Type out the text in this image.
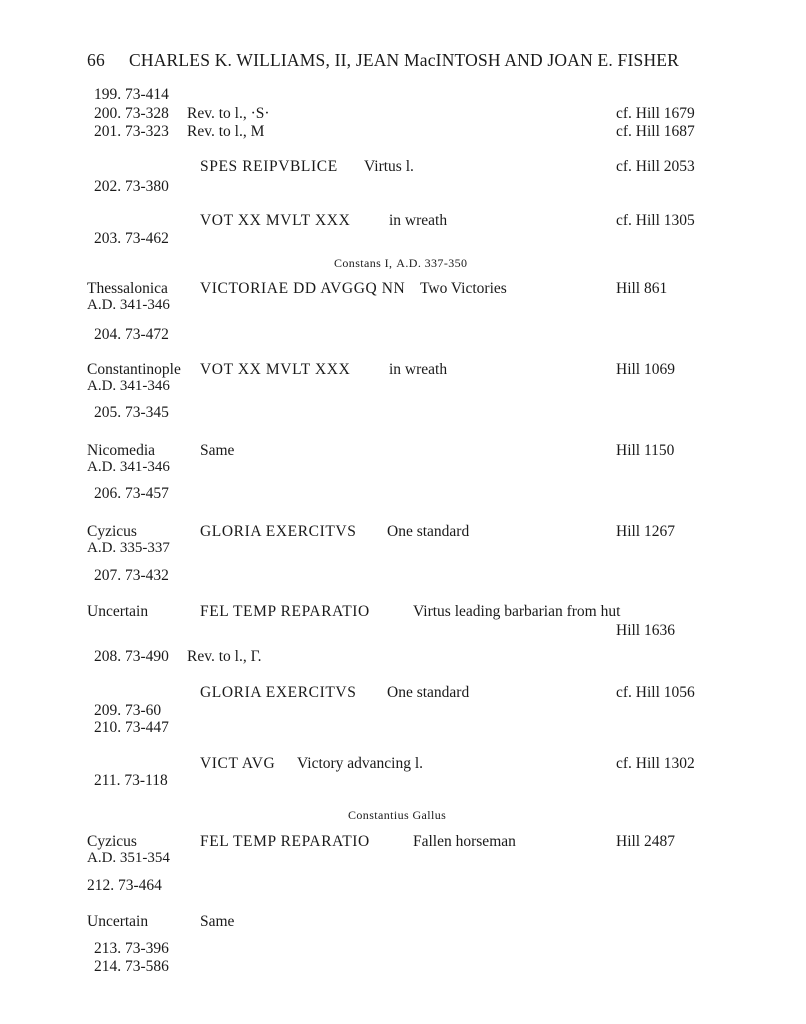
66 CHARLES K. WILLIAMS, II, JEAN MacINTOSH AND JOAN E. FISHER
199. 73-414
200. 73-328 Rev. to l., ·S·	cf. Hill 1679
201. 73-323 Rev. to l., M	cf. Hill 1687
SPES REIPVBLICE Virtus l.	cf. Hill 2053
202. 73-380
VOT XX MVLT XXX in wreath	cf. Hill 1305
203. 73-462
Constans I, A.D. 337-350
Thessalonica VICTORIAE DD AVGGQ NN Two Victories	Hill 861
A.D. 341-346
204. 73-472
Constantinople VOT XX MVLT XXX in wreath	Hill 1069
A.D. 341-346
205. 73-345
Nicomedia	Same	Hill 1150
A.D. 341-346
206. 73-457
Cyzicus	GLORIA EXERCITVS One standard	Hill 1267
A.D. 335-337
207. 73-432
Uncertain	FEL TEMP REPARATIO	Virtus leading barbarian from hut
Hill 1636
208. 73-490 Rev. to l., Γ.
GLORIA EXERCITVS One standard	cf. Hill 1056
209. 73-60
210. 73-447
VICT AVG Victory advancing l.	cf. Hill 1302
211. 73-118
Constantius Gallus
Cyzicus	FEL TEMP REPARATIO	Fallen horseman	Hill 2487
A.D. 351-354
212. 73-464
Uncertain	Same
213. 73-396
214. 73-586
